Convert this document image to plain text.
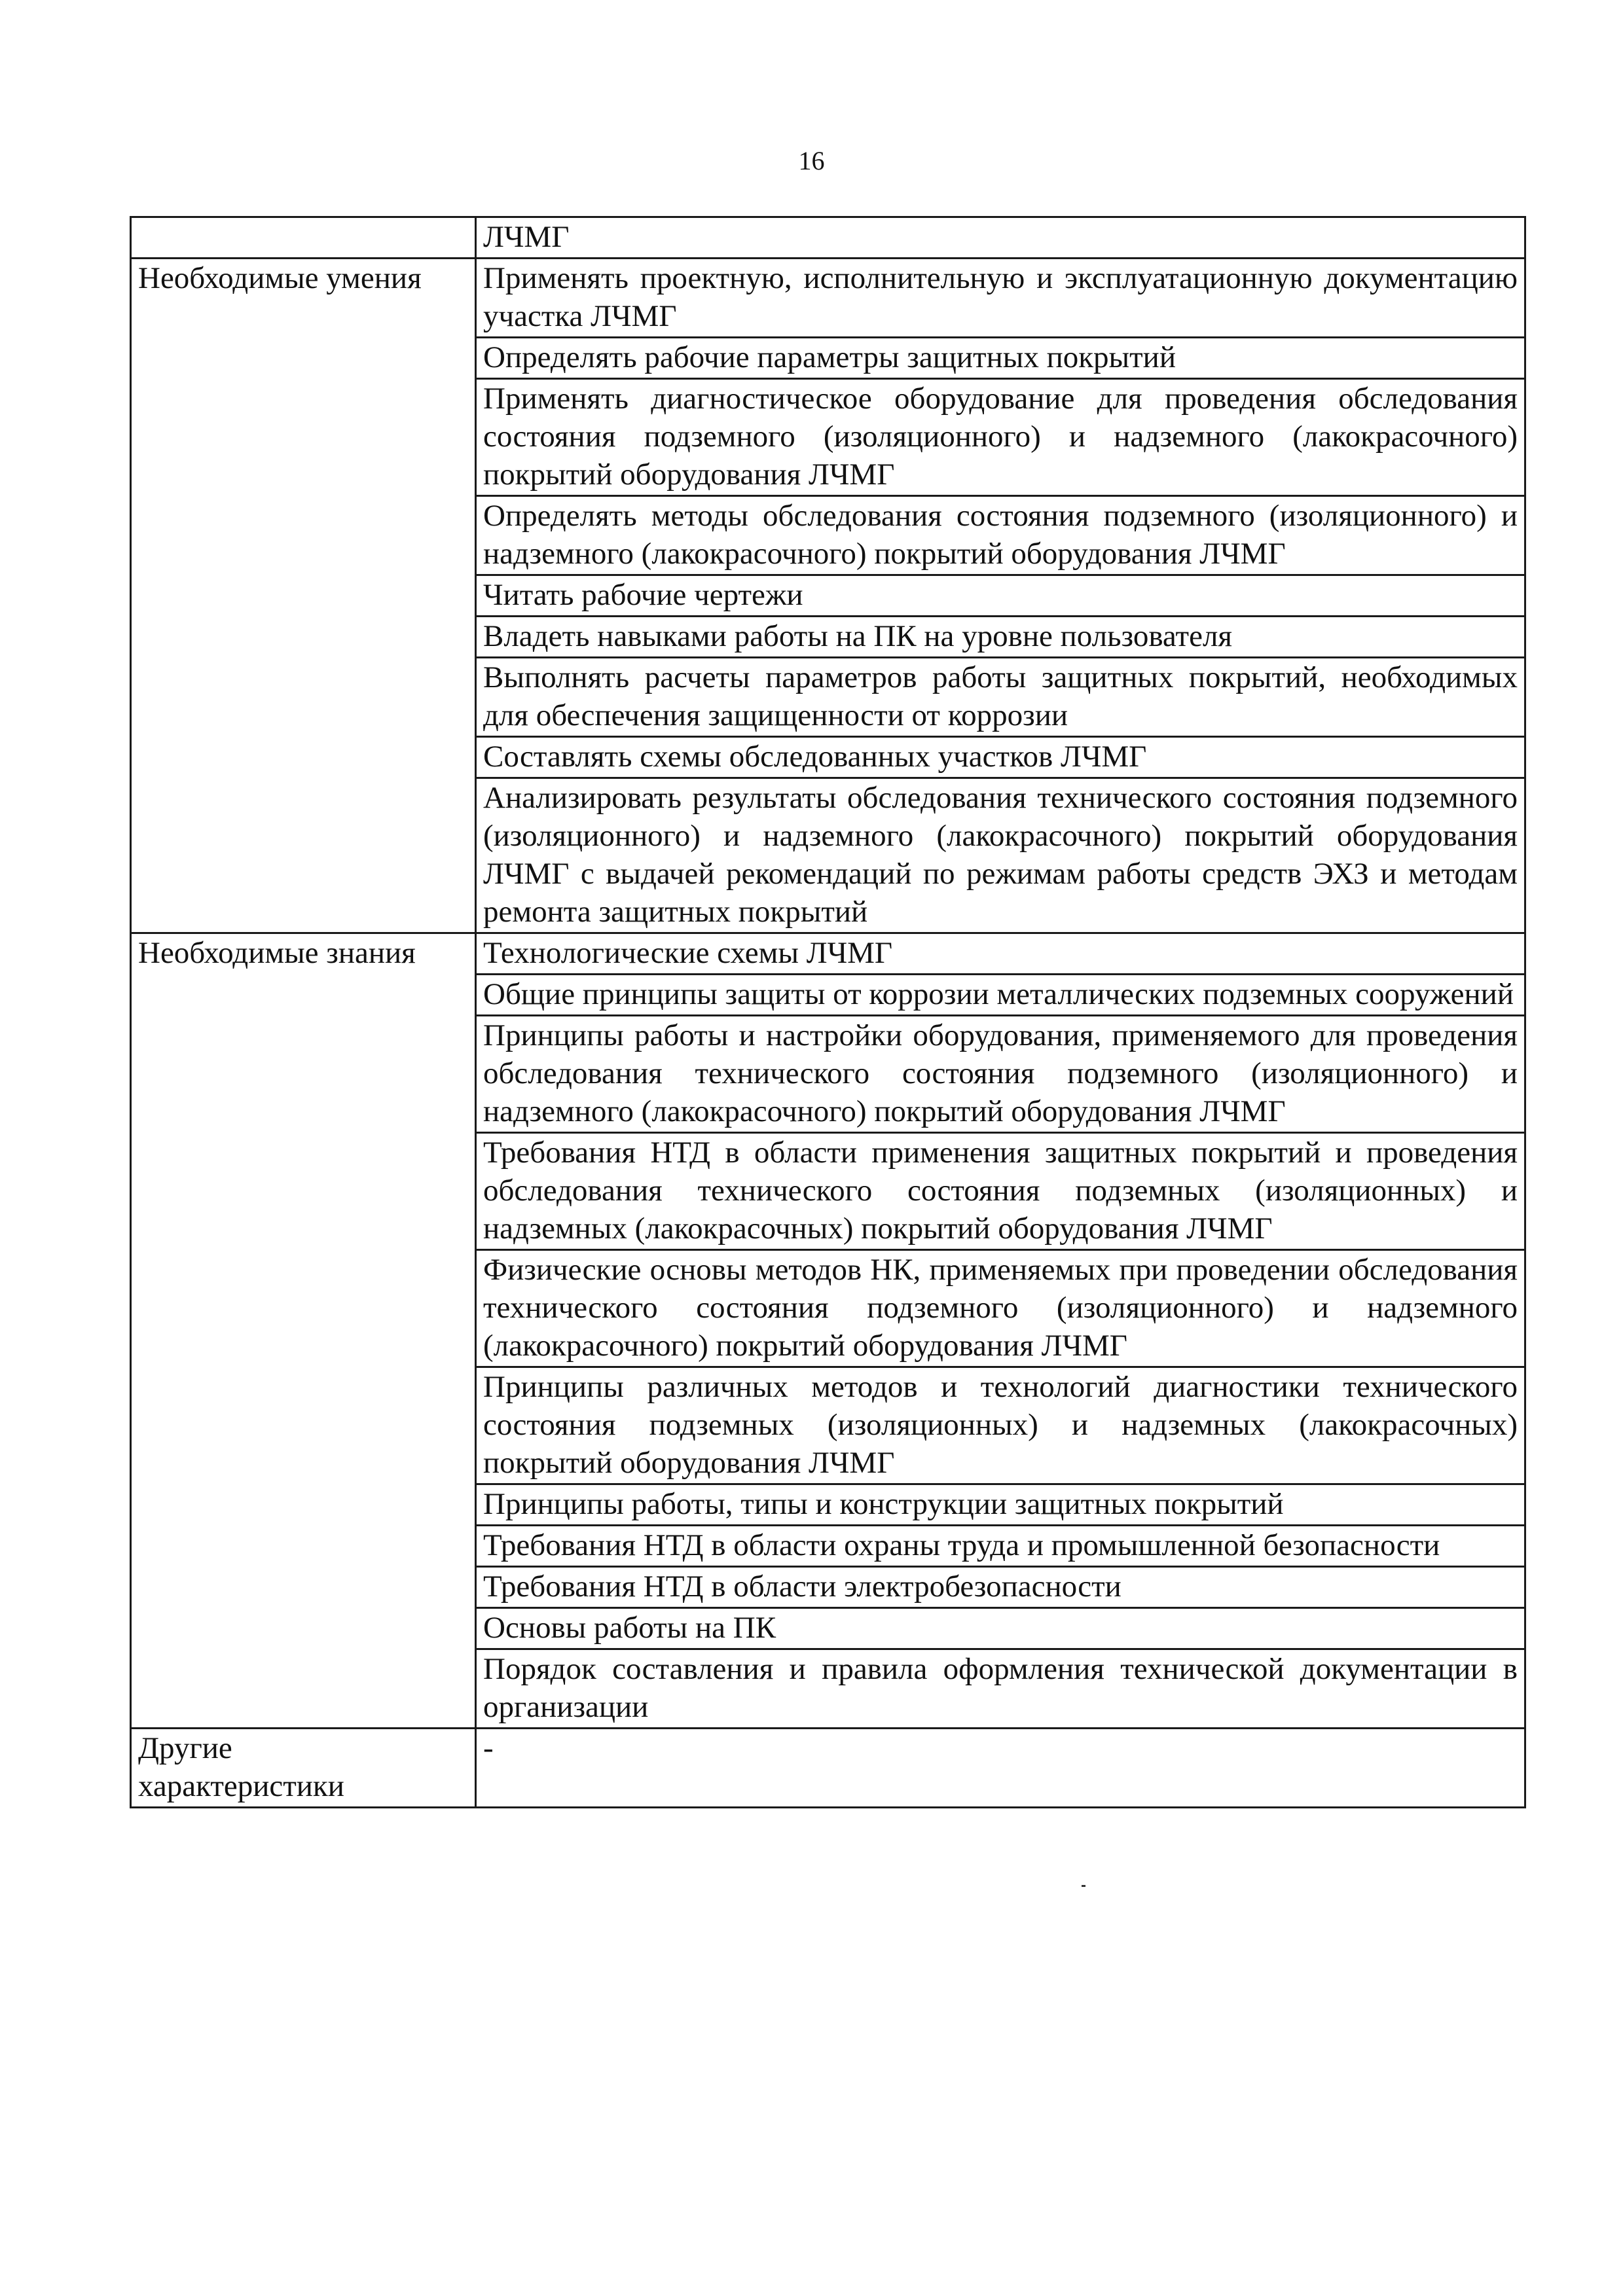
16
	ЛЧМГ
Необходимые умения	Применять проектную, исполнительную и эксплуатационную документацию участка ЛЧМГ
	Определять рабочие параметры защитных покрытий
	Применять диагностическое оборудование для проведения обследования состояния подземного (изоляционного) и надземного (лакокрасочного) покрытий оборудования ЛЧМГ
	Определять методы обследования состояния подземного (изоляционного) и надземного (лакокрасочного) покрытий оборудования ЛЧМГ
	Читать рабочие чертежи
	Владеть навыками работы на ПК на уровне пользователя
	Выполнять расчеты параметров работы защитных покрытий, необходимых для обеспечения защищенности от коррозии
	Составлять схемы обследованных участков ЛЧМГ
	Анализировать результаты обследования технического состояния подземного (изоляционного) и надземного (лакокрасочного) покрытий оборудования ЛЧМГ с выдачей рекомендаций по режимам работы средств ЭХЗ и методам ремонта защитных покрытий
Необходимые знания	Технологические схемы ЛЧМГ
	Общие принципы защиты от коррозии металлических подземных сооружений
	Принципы работы и настройки оборудования, применяемого для проведения обследования технического состояния подземного (изоляционного) и надземного (лакокрасочного) покрытий оборудования ЛЧМГ
	Требования НТД в области применения защитных покрытий и проведения обследования технического состояния подземных (изоляционных) и надземных (лакокрасочных) покрытий оборудования ЛЧМГ
	Физические основы методов НК, применяемых при проведении обследования технического состояния подземного (изоляционного) и надземного (лакокрасочного) покрытий оборудования ЛЧМГ
	Принципы различных методов и технологий диагностики технического состояния подземных (изоляционных) и надземных (лакокрасочных) покрытий оборудования ЛЧМГ
	Принципы работы, типы и конструкции защитных покрытий
	Требования НТД в области охраны труда и промышленной безопасности
	Требования НТД в области электробезопасности
	Основы работы на ПК
	Порядок составления и правила оформления технической документации в организации
Другие характеристики	-
